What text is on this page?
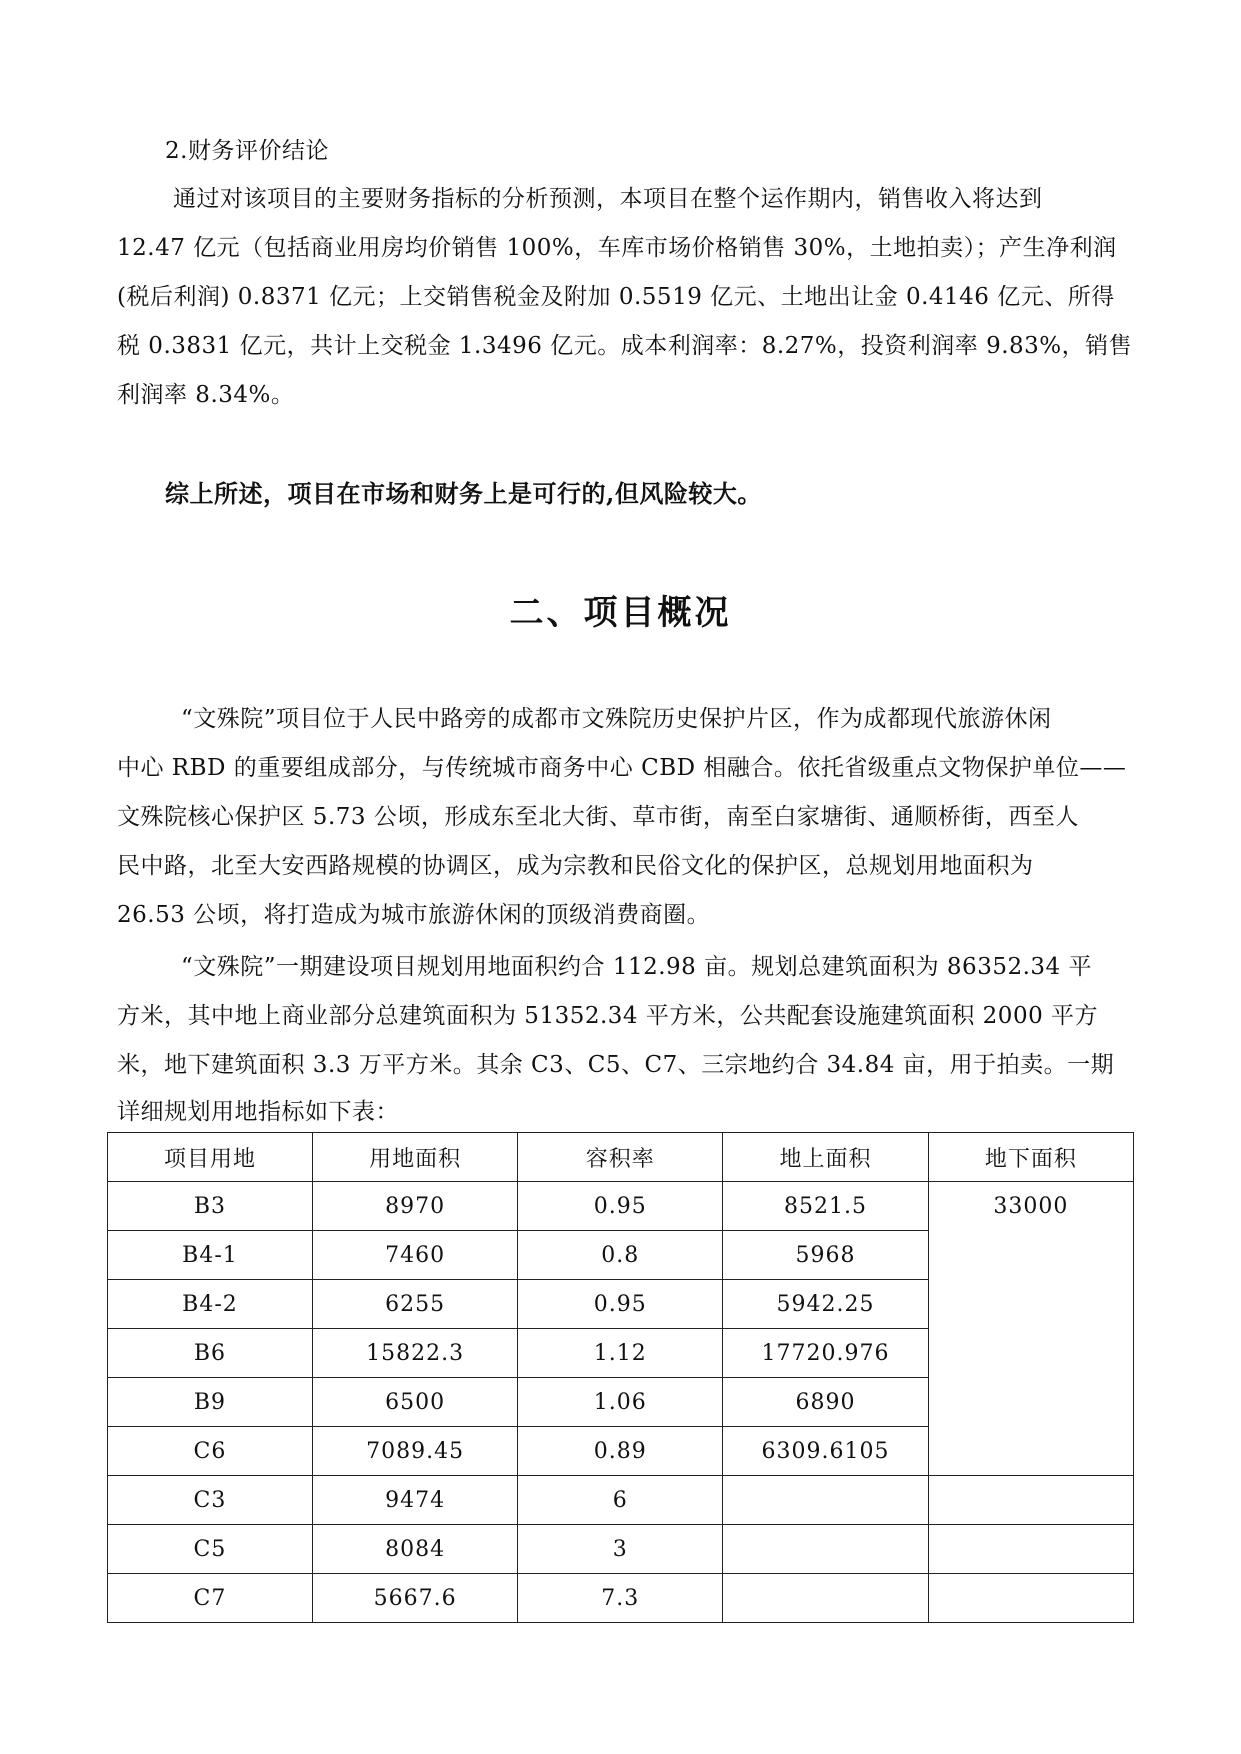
2.财务评价结论
通过对该项目的主要财务指标的分析预测，本项目在整个运作期内，销售收入将达到
12.47 亿元（包括商业用房均价销售 100%，车库市场价格销售 30%，土地拍卖）；产生净利润
(税后利润) 0.8371 亿元；上交销售税金及附加 0.5519 亿元、土地出让金 0.4146 亿元、所得
税 0.3831 亿元，共计上交税金 1.3496 亿元。成本利润率：8.27%，投资利润率 9.83%，销售
利润率 8.34%。
综上所述，项目在市场和财务上是可行的,但风险较大。
二、项目概况
“文殊院”项目位于人民中路旁的成都市文殊院历史保护片区，作为成都现代旅游休闲
中心 RBD 的重要组成部分，与传统城市商务中心 CBD 相融合。依托省级重点文物保护单位——
文殊院核心保护区 5.73 公顷，形成东至北大街、草市街，南至白家塘街、通顺桥街，西至人
民中路，北至大安西路规模的协调区，成为宗教和民俗文化的保护区，总规划用地面积为
26.53 公顷，将打造成为城市旅游休闲的顶级消费商圈。
“文殊院”一期建设项目规划用地面积约合 112.98 亩。规划总建筑面积为 86352.34 平
方米，其中地上商业部分总建筑面积为 51352.34 平方米，公共配套设施建筑面积 2000 平方
米，地下建筑面积 3.3 万平方米。其余 C3、C5、C7、三宗地约合 34.84 亩，用于拍卖。一期
详细规划用地指标如下表：
项目用地	用地面积	容积率	地上面积	地下面积
B3	8970	0.95	8521.5	33000
B4-1	7460	0.8	5968	
B4-2	6255	0.95	5942.25	
B6	15822.3	1.12	17720.976	
B9	6500	1.06	6890	
C6	7089.45	0.89	6309.6105	
C3	9474	6		
C5	8084	3		
C7	5667.6	7.3		
